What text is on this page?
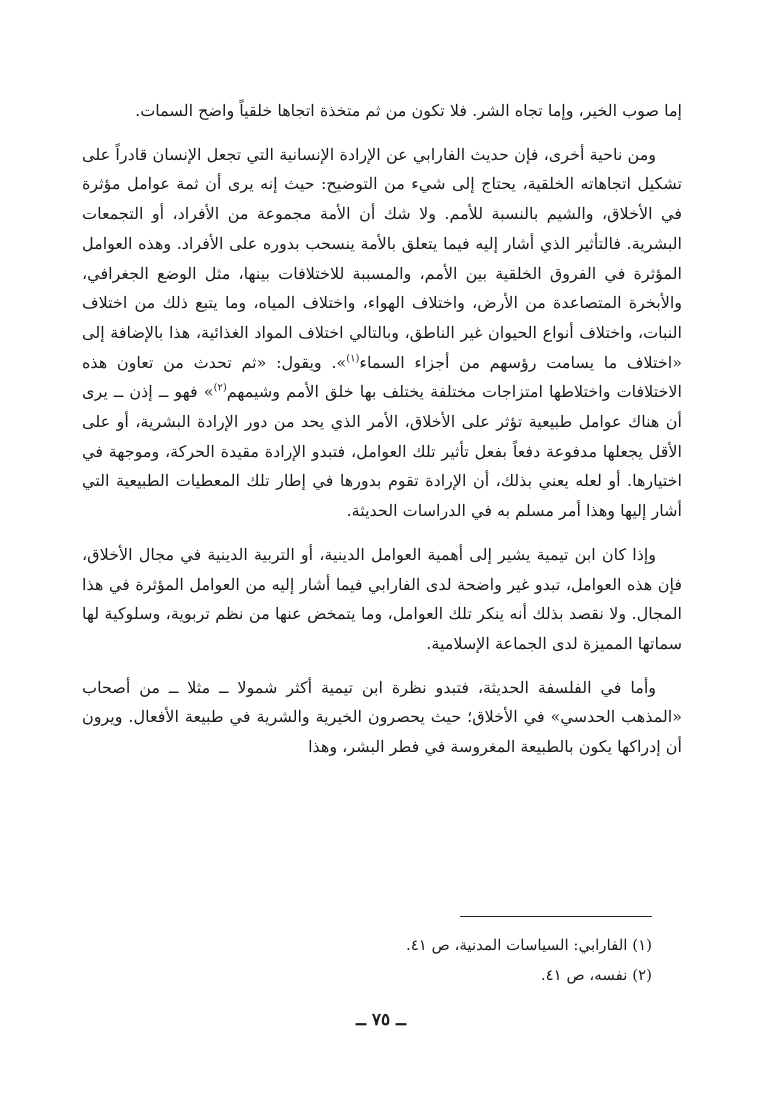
إما صوب الخير، وإما تجاه الشر. فلا تكون من ثم متخذة اتجاها خلقياً واضح السمات.

ومن ناحية أخرى، فإن حديث الفارابي عن الإرادة الإنسانية التي تجعل الإنسان قادراً على تشكيل اتجاهاته الخلقية، يحتاج إلى شيء من التوضيح: حيث إنه يرى أن ثمة عوامل مؤثرة في الأخلاق، والشيم بالنسبة للأمم. ولا شك أن الأمة مجموعة من الأفراد، أو التجمعات البشرية. فالتأثير الذي أشار إليه فيما يتعلق بالأمة ينسحب بدوره على الأفراد. وهذه العوامل المؤثرة في الفروق الخلقية بين الأمم، والمسببة للاختلافات بينها، مثل الوضع الجغرافي، والأبخرة المتصاعدة من الأرض، واختلاف الهواء، واختلاف المياه، وما يتبع ذلك من اختلاف النبات، واختلاف أنواع الحيوان غير الناطق، وبالتالي اختلاف المواد الغذائية، هذا بالإضافة إلى «اختلاف ما يسامت رؤسهم من أجزاء السماء$^{(١)}$». ويقول: «ثم تحدث من تعاون هذه الاختلافات واختلاطها امتزاجات مختلفة يختلف بها خلق الأمم وشيمهم$^{(٢)}$» فهو ــ إذن ــ يرى أن هناك عوامل طبيعية تؤثر على الأخلاق، الأمر الذي يحد من دور الإرادة البشرية، أو على الأقل يجعلها مدفوعة دفعاً بفعل تأثير تلك العوامل، فتبدو الإرادة مقيدة الحركة، وموجهة في اختيارها. أو لعله يعني بذلك، أن الإرادة تقوم بدورها في إطار تلك المعطيات الطبيعية التي أشار إليها وهذا أمر مسلم به في الدراسات الحديثة.

وإذا كان ابن تيمية يشير إلى أهمية العوامل الدينية، أو التربية الدينية في مجال الأخلاق، فإن هذه العوامل، تبدو غير واضحة لدى الفارابي فيما أشار إليه من العوامل المؤثرة في هذا المجال. ولا نقصد بذلك أنه ينكر تلك العوامل، وما يتمخض عنها من نظم تربوية، وسلوكية لها سماتها المميزة لدى الجماعة الإسلامية.

وأما في الفلسفة الحديثة، فتبدو نظرة ابن تيمية أكثر شمولا ــ مثلا ــ من أصحاب «المذهب الحدسي» في الأخلاق؛ حيث يحصرون الخيرية والشرية في طبيعة الأفعال. ويرون أن إدراكها يكون بالطبيعة المغروسة في فطر البشر، وهذا

(١) الفارابي: السياسات المدنية، ص ٤١.
(٢) نفسه، ص ٤١.
ــ ٧٥ ــ
